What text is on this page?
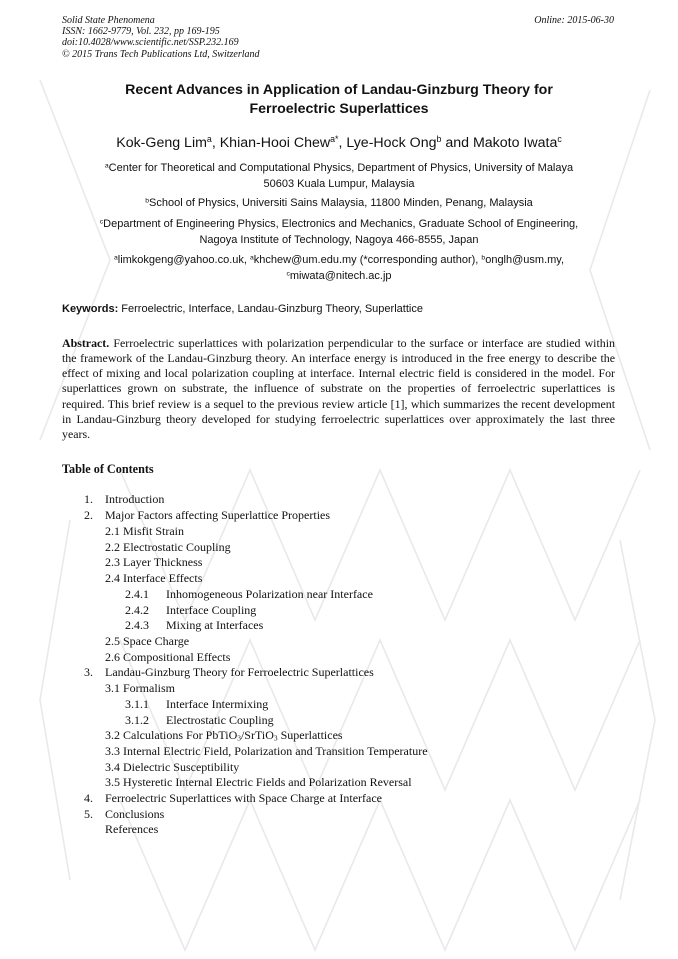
Solid State Phenomena
ISSN: 1662-9779, Vol. 232, pp 169-195
doi:10.4028/www.scientific.net/SSP.232.169
© 2015 Trans Tech Publications Ltd, Switzerland
Online: 2015-06-30
Recent Advances in Application of Landau-Ginzburg Theory for
Ferroelectric Superlattices
Kok-Geng Lim$^a$, Khian-Hooi Chew$^{a*}$, Lye-Hock Ong$^b$ and Makoto Iwata$^c$
$^a$Center for Theoretical and Computational Physics, Department of Physics, University of Malaya
50603 Kuala Lumpur, Malaysia
$^b$School of Physics, Universiti Sains Malaysia, 11800 Minden, Penang, Malaysia
$^c$Department of Engineering Physics, Electronics and Mechanics, Graduate School of Engineering,
Nagoya Institute of Technology, Nagoya 466-8555, Japan
$^a$limkokgeng@yahoo.co.uk, $^a$khchew@um.edu.my (*corresponding author), $^b$onglh@usm.my,
$^c$miwata@nitech.ac.jp
Keywords: Ferroelectric, Interface, Landau-Ginzburg Theory, Superlattice
Abstract. Ferroelectric superlattices with polarization perpendicular to the surface or interface are studied within the framework of the Landau-Ginzburg theory. An interface energy is introduced in the free energy to describe the effect of mixing and local polarization coupling at interface. Internal electric field is considered in the model. For superlattices grown on substrate, the influence of substrate on the properties of ferroelectric superlattices is required. This brief review is a sequel to the previous review article [1], which summarizes the recent development in Landau-Ginzburg theory developed for studying ferroelectric superlattices over approximately the last three years.
Table of Contents
1. Introduction
2. Major Factors affecting Superlattice Properties
2.1 Misfit Strain
2.2 Electrostatic Coupling
2.3 Layer Thickness
2.4 Interface Effects
2.4.1 Inhomogeneous Polarization near Interface
2.4.2 Interface Coupling
2.4.3 Mixing at Interfaces
2.5 Space Charge
2.6 Compositional Effects
3. Landau-Ginzburg Theory for Ferroelectric Superlattices
3.1 Formalism
3.1.1 Interface Intermixing
3.1.2 Electrostatic Coupling
3.2 Calculations For PbTiO$_3$/SrTiO$_3$ Superlattices
3.3 Internal Electric Field, Polarization and Transition Temperature
3.4 Dielectric Susceptibility
3.5 Hysteretic Internal Electric Fields and Polarization Reversal
4. Ferroelectric Superlattices with Space Charge at Interface
5. Conclusions
References
